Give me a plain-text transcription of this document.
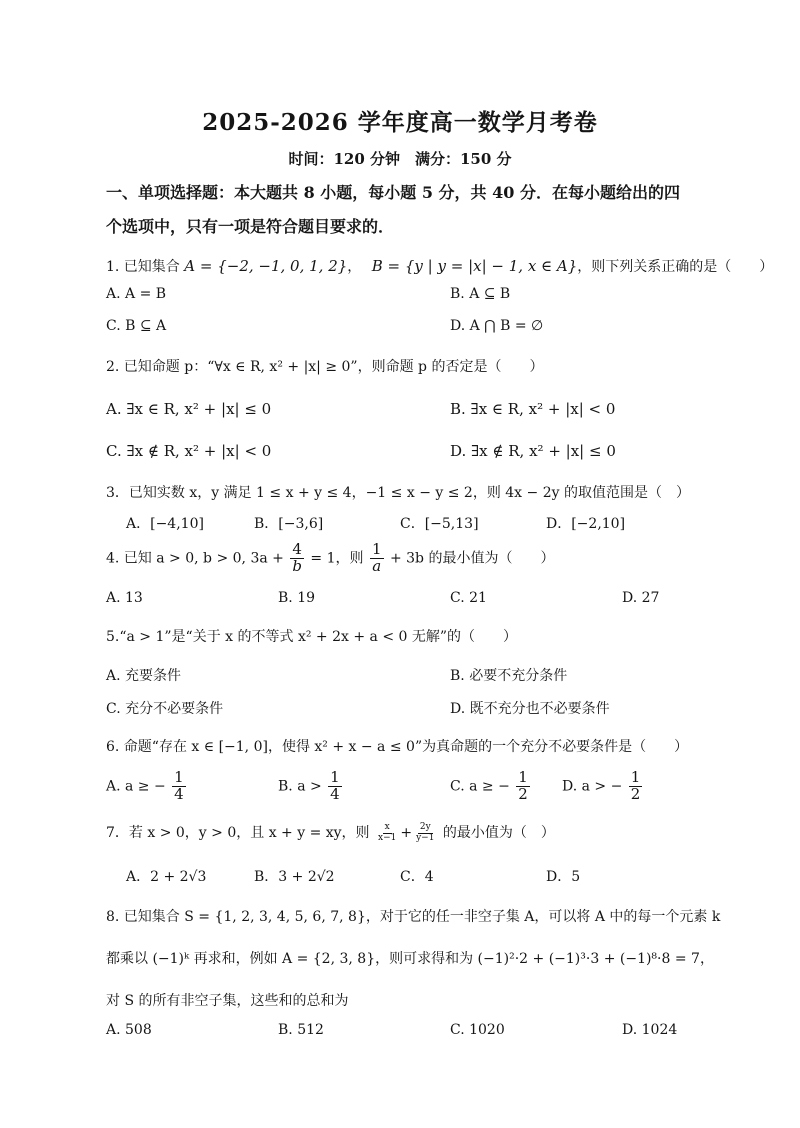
2025-2026 学年度高一数学月考卷
时间：120 分钟　满分：150 分
一、单项选择题：本大题共 8 小题，每小题 5 分，共 40 分．在每小题给出的四
个选项中，只有一项是符合题目要求的．
1. 已知集合 A = {−2, −1, 0, 1, 2}， B = {y | y = |x| − 1, x ∈ A}，则下列关系正确的是（　　）
A. A = B	B. A ⊆ B
C. B ⊆ A	D. A ⋂ B = ∅
2. 已知命题 p：“∀x ∈ R, x² + |x| ≥ 0”，则命题 p 的否定是（　　）
A. ∃x ∈ R, x² + |x| ≤ 0	B. ∃x ∈ R, x² + |x| < 0
C. ∃x ∉ R, x² + |x| < 0	D. ∃x ∉ R, x² + |x| ≤ 0
3．已知实数 x，y 满足 1 ≤ x + y ≤ 4，−1 ≤ x − y ≤ 2，则 4x − 2y 的取值范围是（　）
A．[−4,10]	B．[−3,6]	C．[−5,13]	D．[−2,10]
4. 已知 a > 0, b > 0, $3a + \frac{4}{b} = 1$，则 $\frac{1}{a} + 3b$ 的最小值为（　　）
A. 13	B. 19	C. 21	D. 27
5.“a > 1”是“关于 x 的不等式 x² + 2x + a < 0 无解”的（　　）
A. 充要条件	B. 必要不充分条件
C. 充分不必要条件	D. 既不充分也不必要条件
6. 命题“存在 x ∈ [−1, 0]，使得 x² + x − a ≤ 0”为真命题的一个充分不必要条件是（　　）
A. a ≥ − $\frac{1}{4}$	B. $a > \frac{1}{4}$	C. a ≥ − $\frac{1}{2} D$. a > − $\frac{1}{2}$
7．若 x > 0，y > 0，且 x + y = xy，则 $\frac{x}{x-1} + \frac{2y}{y-1}$ 的最小值为（　）
A．2 + 2√3	B．3 + 2√2	C．4	D．5
8. 已知集合 S = {1, 2, 3, 4, 5, 6, 7, 8}，对于它的任一非空子集 A，可以将 A 中的每一个元素 k
都乘以 (−1)ᵏ 再求和，例如 A = {2, 3, 8}，则可求得和为 (−1)²·2 + (−1)³·3 + (−1)⁸·8 = 7，
对 S 的所有非空子集，这些和的总和为
A. 508	B. 512	C. 1020	D. 1024
